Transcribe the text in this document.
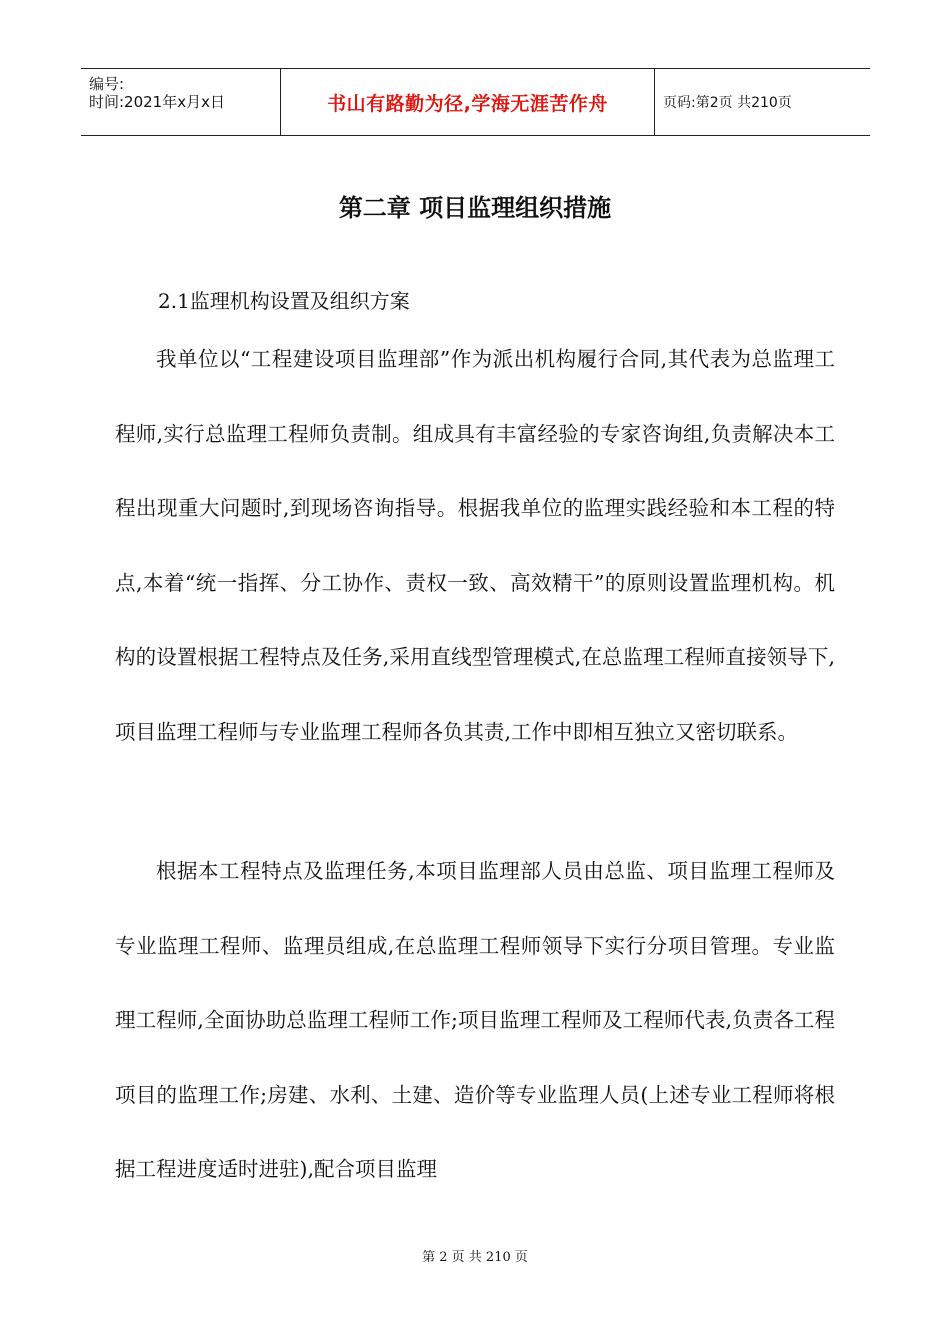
编号:
时间:2021年x月x日	书山有路勤为径,学海无涯苦作舟	页码:第2页 共210页
第二章 项目监理组织措施
2.1监理机构设置及组织方案

我单位以“工程建设项目监理部”作为派出机构履行合同,其代表为总监理工程师,实行总监理工程师负责制。组成具有丰富经验的专家咨询组,负责解决本工程出现重大问题时,到现场咨询指导。根据我单位的监理实践经验和本工程的特点,本着“统一指挥、分工协作、责权一致、高效精干”的原则设置监理机构。机构的设置根据工程特点及任务,采用直线型管理模式,在总监理工程师直接领导下,项目监理工程师与专业监理工程师各负其责,工作中即相互独立又密切联系。

根据本工程特点及监理任务,本项目监理部人员由总监、项目监理工程师及专业监理工程师、监理员组成,在总监理工程师领导下实行分项目管理。专业监理工程师,全面协助总监理工程师工作;项目监理工程师及工程师代表,负责各工程项目的监理工作;房建、水利、土建、造价等专业监理人员(上述专业工程师将根据工程进度适时进驻),配合项目监理

第 2 页 共 210 页
